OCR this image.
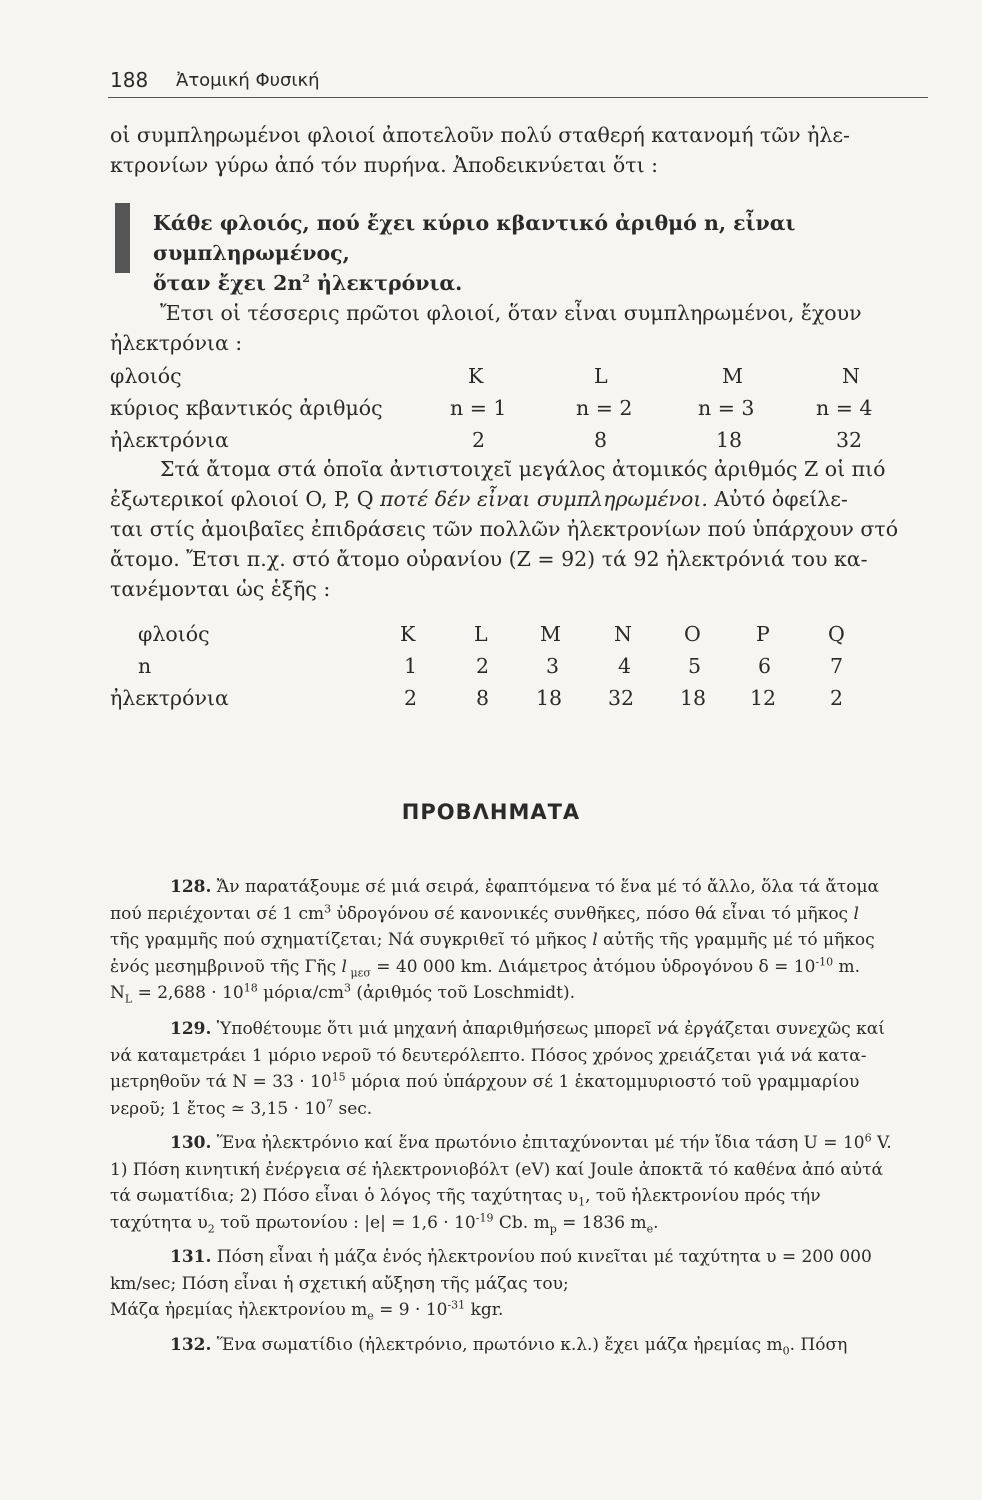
188 Ἀτομική Φυσική

οἱ συμπληρωμένοι φλοιοί ἀποτελοῦν πολύ σταθερή κατανομή τῶν ἠλε-
κτρονίων γύρω ἀπό τόν πυρήνα. Ἀποδεικνύεται ὅτι :

Κάθε φλοιός, πού ἔχει κύριο κβαντικό ἀριθμό n, εἶναι συμπληρωμένος,
ὅταν ἔχει $2n^2$ ἠλεκτρόνια.

Ἔτσι οἱ τέσσερις πρῶτοι φλοιοί, ὅταν εἶναι συμπληρωμένοι, ἔχουν
ἠλεκτρόνια :

φλοιός	K	L	M	N
κύριος κβαντικός ἀριθμός	n = 1	n = 2	n = 3	n = 4
ἠλεκτρόνια	2	8	18	32

Στά ἄτομα στά ὁποῖα ἀντιστοιχεῖ μεγάλος ἀτομικός ἀριθμός Z οἱ πιό
ἐξωτερικοί φλοιοί O, P, Q ποτέ δέν εἶναι συμπληρωμένοι. Αὐτό ὀφείλε-
ται στίς ἀμοιβαῖες ἐπιδράσεις τῶν πολλῶν ἠλεκτρονίων πού ὑπάρχουν στό
ἄτομο. Ἔτσι π.χ. στό ἄτομο οὐρανίου (Z = 92) τά 92 ἠλεκτρόνιά του κα-
τανέμονται ὡς ἑξῆς :

φλοιός	K	L	M	N	O	P	Q
n	1	2	3	4	5	6	7
ἠλεκτρόνια	2	8 18 32 18 12	2
ΠΡΟΒΛΗΜΑΤΑ

128. Ἄν παρατάξουμε σέ μιά σειρά, ἐφαπτόμενα τό ἕνα μέ τό ἄλλο, ὅλα τά ἄτομα
πού περιέχονται σέ 1 $cm^3$ ὑδρογόνου σέ κανονικές συνθῆκες, πόσο θά εἶναι τό μῆκος l
τῆς γραμμῆς πού σχηματίζεται; Νά συγκριθεῖ τό μῆκος l αὐτῆς τῆς γραμμῆς μέ τό μῆκος
ἑνός μεσημβρινοῦ τῆς Γῆς l $_{\mu\varepsilon\sigma}$ = 40 000 km. Διάμετρος ἀτόμου ὑδρογόνου $\delta = 10^{-10}$ m.
$N_L = 2,688 \cdot 10^{18}$ μόρια/$cm^3$ (ἀριθμός τοῦ Loschmidt).

129. Ὑποθέτουμε ὅτι μιά μηχανή ἀπαριθμήσεως μπορεῖ νά ἐργάζεται συνεχῶς καί
νά καταμετράει 1 μόριο νεροῦ τό δευτερόλεπτο. Πόσος χρόνος χρειάζεται γιά νά κατα-
μετρηθοῦν τά $N = 33 \cdot 10^{15}$ μόρια πού ὑπάρχουν σέ 1 ἑκατομμυριοστό τοῦ γραμμαρίου
νεροῦ; 1 ἔτος ≃ $3,15 \cdot 10^7$ sec.

130. Ἕνα ἠλεκτρόνιο καί ἕνα πρωτόνιο ἐπιταχύνονται μέ τήν ἴδια τάση $U = 10^6$ V.
1) Πόση κινητική ἐνέργεια σέ ἠλεκτρονιοβόλτ (eV) καί Joule ἀποκτᾶ τό καθένα ἀπό αὐτά
τά σωματίδια; 2) Πόσο εἶναι ὁ λόγος τῆς ταχύτητας $\upsilon_1$, τοῦ ἠλεκτρονίου πρός τήν
ταχύτητα $\upsilon_2$ τοῦ πρωτονίου : $|e| = 1,6 \cdot 10^{-19}$ Cb. $m_p = 1836$ $m_e$.

131. Πόση εἶναι ἡ μάζα ἑνός ἠλεκτρονίου πού κινεῖται μέ ταχύτητα υ = 200 000
km/sec; Πόση εἶναι ἡ σχετική αὔξηση τῆς μάζας του;
Μάζα ἠρεμίας ἠλεκτρονίου $m_e = 9 \cdot 10^{-31}$ kgr.

132. Ἕνα σωματίδιο (ἠλεκτρόνιο, πρωτόνιο κ.λ.) ἔχει μάζα ἠρεμίας $m_0$. Πόση
